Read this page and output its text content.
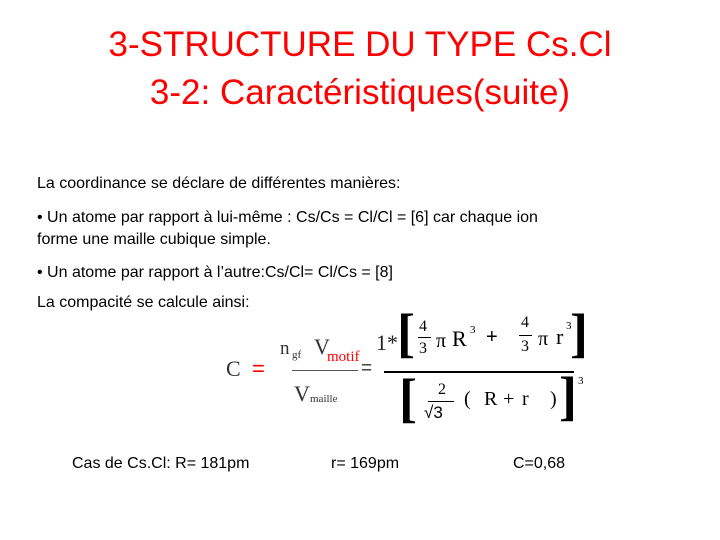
3-STRUCTURE DU TYPE Cs.Cl
3-2: Caractéristiques(suite)
La coordinance se déclare de différentes manières:
• Un atome par rapport à lui-même : Cs/Cs = Cl/Cl = [6] car chaque ion
forme une maille cubique simple.
• Un atome par rapport à l’autre:Cs/Cl= Cl/Cs = [8]
La compacité se calcule ainsi:
C =
n gf V
motif
V maille
=
1* [ 4
3 π R 3 +
4
3 π r 3
]
[ 2
√3
( R + r ) ] 3
Cas de Cs.Cl: R= 181pm	r= 169pm	C=0,68
